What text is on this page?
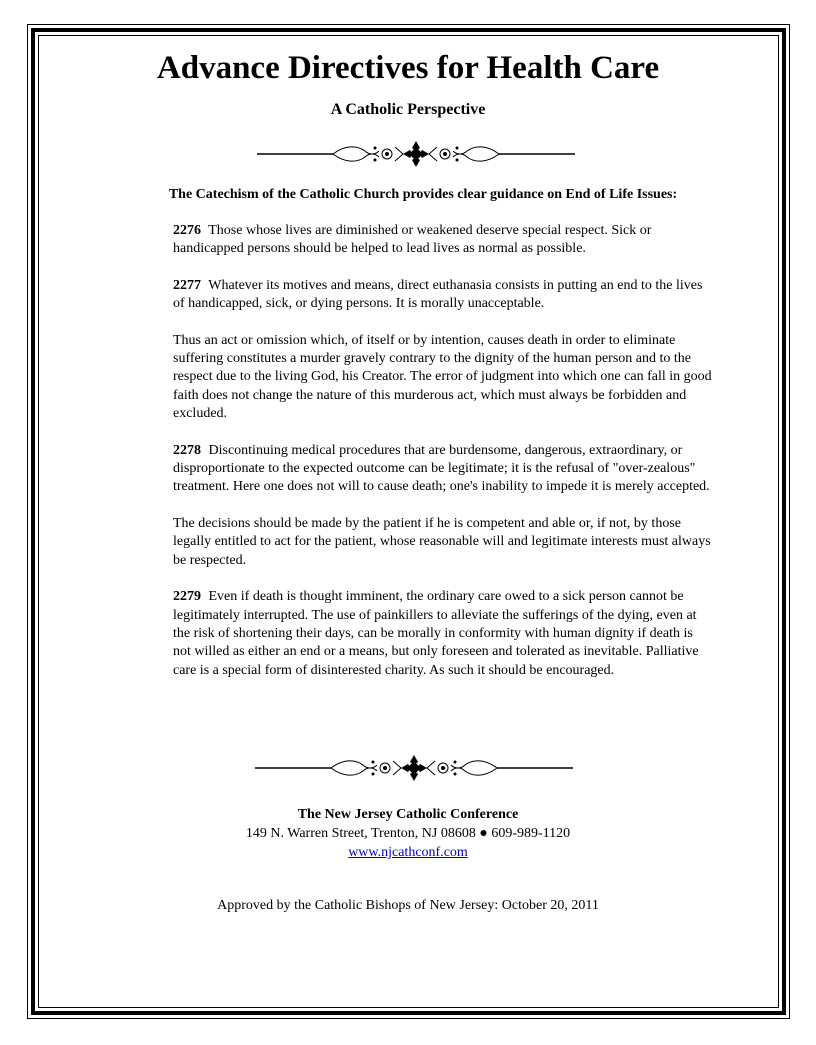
Advance Directives for Health Care
A Catholic Perspective
The Catechism of the Catholic Church provides clear guidance on End of Life Issues:

2276 Those whose lives are diminished or weakened deserve special respect. Sick or handicapped persons should be helped to lead lives as normal as possible.

2277 Whatever its motives and means, direct euthanasia consists in putting an end to the lives of handicapped, sick, or dying persons. It is morally unacceptable.

Thus an act or omission which, of itself or by intention, causes death in order to eliminate suffering constitutes a murder gravely contrary to the dignity of the human person and to the respect due to the living God, his Creator. The error of judgment into which one can fall in good faith does not change the nature of this murderous act, which must always be forbidden and excluded.

2278 Discontinuing medical procedures that are burdensome, dangerous, extraordinary, or disproportionate to the expected outcome can be legitimate; it is the refusal of "over-zealous" treatment. Here one does not will to cause death; one's inability to impede it is merely accepted.

The decisions should be made by the patient if he is competent and able or, if not, by those legally entitled to act for the patient, whose reasonable will and legitimate interests must always be respected.

2279 Even if death is thought imminent, the ordinary care owed to a sick person cannot be legitimately interrupted. The use of painkillers to alleviate the sufferings of the dying, even at the risk of shortening their days, can be morally in conformity with human dignity if death is not willed as either an end or a means, but only foreseen and tolerated as inevitable. Palliative care is a special form of disinterested charity. As such it should be encouraged.

The New Jersey Catholic Conference
149 N. Warren Street, Trenton, NJ 08608 ● 609-989-1120
www.njcathconf.com
Approved by the Catholic Bishops of New Jersey: October 20, 2011
